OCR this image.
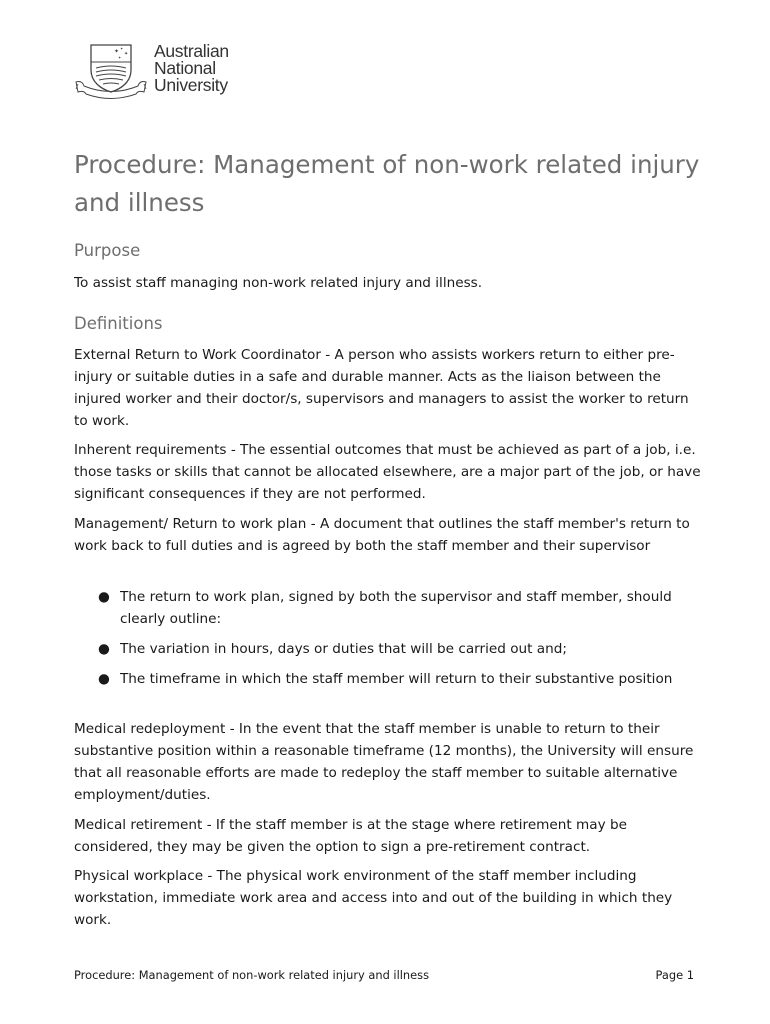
✦ ✦
✦
✦ Australian
National
University
Procedure: Management of non-work related injury and illness
Purpose

To assist staff managing non-work related injury and illness.

Definitions

External Return to Work Coordinator - A person who assists workers return to either pre-injury or suitable duties in a safe and durable manner. Acts as the liaison between the injured worker and their doctor/s, supervisors and managers to assist the worker to return to work.

Inherent requirements - The essential outcomes that must be achieved as part of a job, i.e. those tasks or skills that cannot be allocated elsewhere, are a major part of the job, or have significant consequences if they are not performed.

Management/ Return to work plan - A document that outlines the staff member's return to work back to full duties and is agreed by both the staff member and their supervisor

● The return to work plan, signed by both the supervisor and staff member, should clearly outline:
● The variation in hours, days or duties that will be carried out and;
● The timeframe in which the staff member will return to their substantive position

Medical redeployment - In the event that the staff member is unable to return to their substantive position within a reasonable timeframe (12 months), the University will ensure that all reasonable efforts are made to redeploy the staff member to suitable alternative employment/duties.

Medical retirement - If the staff member is at the stage where retirement may be considered, they may be given the option to sign a pre-retirement contract.

Physical workplace - The physical work environment of the staff member including workstation, immediate work area and access into and out of the building in which they work.

Procedure: Management of non-work related injury and illness	Page 1
